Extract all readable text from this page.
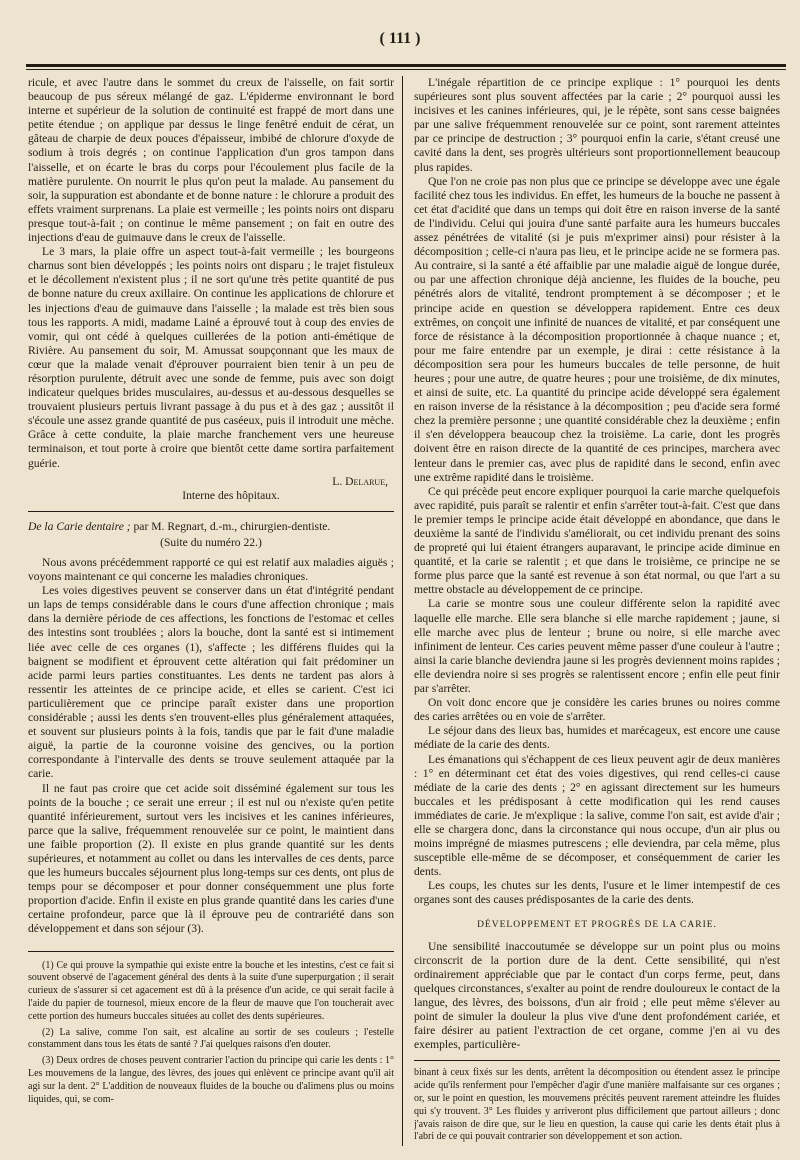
( 111 )

ricule, et avec l'autre dans le sommet du creux de l'aisselle, on fait sortir beaucoup de pus séreux mélangé de gaz. L'épiderme environnant le bord interne et supérieur de la solution de continuité est frappé de mort dans une petite étendue ; on applique par dessus le linge fenêtré enduit de cérat, un gâteau de charpie de deux pouces d'épaisseur, imbibé de chlorure d'oxyde de sodium à trois degrés ; on continue l'application d'un gros tampon dans l'aisselle, et on écarte le bras du corps pour l'écoulement plus facile de la matière purulente. On nourrit le plus qu'on peut la malade. Au pansement du soir, la suppuration est abondante et de bonne nature : le chlorure a produit des effets vraiment surprenans. La plaie est vermeille ; les points noirs ont disparu presque tout-à-fait ; on continue le même pansement ; on fait en outre des injections d'eau de guimauve dans le creux de l'aisselle.

Le 3 mars, la plaie offre un aspect tout-à-fait vermeille ; les bourgeons charnus sont bien développés ; les points noirs ont disparu ; le trajet fistuleux et le décollement n'existent plus ; il ne sort qu'une très petite quantité de pus de bonne nature du creux axillaire. On continue les applications de chlorure et les injections d'eau de guimauve dans l'aisselle ; la malade est très bien sous tous les rapports. A midi, madame Lainé a éprouvé tout à coup des envies de vomir, qui ont cédé à quelques cuillerées de la potion anti-émétique de Rivière. Au pansement du soir, M. Amussat soupçonnant que les maux de cœur que la malade venait d'éprouver pourraient bien tenir à un peu de résorption purulente, détruit avec une sonde de femme, puis avec son doigt indicateur quelques brides musculaires, au-dessus et au-dessous desquelles se trouvaient plusieurs pertuis livrant passage à du pus et à des gaz ; aussitôt il s'écoule une assez grande quantité de pus caséeux, puis il introduit une mèche. Grâce à cette conduite, la plaie marche franchement vers une heureuse terminaison, et tout porte à croire que bientôt cette dame sortira parfaitement guérie.

L. Delarue,
Interne des hôpitaux.

De la Carie dentaire ; par M. Regnart, d.-m., chirurgien-dentiste.

(Suite du numéro 22.)

Nous avons précédemment rapporté ce qui est relatif aux maladies aiguës ; voyons maintenant ce qui concerne les maladies chroniques.

Les voies digestives peuvent se conserver dans un état d'intégrité pendant un laps de temps considérable dans le cours d'une affection chronique ; mais dans la dernière période de ces affections, les fonctions de l'estomac et celles des intestins sont troublées ; alors la bouche, dont la santé est si intimement liée avec celle de ces organes (1), s'affecte ; les différens fluides qui la baignent se modifient et éprouvent cette altération qui fait prédominer un acide parmi leurs parties constituantes. Les dents ne tardent pas alors à ressentir les atteintes de ce principe acide, et elles se carient. C'est ici particulièrement que ce principe paraît exister dans une proportion considérable ; aussi les dents s'en trouvent-elles plus généralement attaquées, et souvent sur plusieurs points à la fois, tandis que par le fait d'une maladie aiguë, la partie de la couronne voisine des gencives, ou la portion correspondante à l'intervalle des dents se trouve seulement attaquée par la carie.

Il ne faut pas croire que cet acide soit disséminé également sur tous les points de la bouche ; ce serait une erreur ; il est nul ou n'existe qu'en petite quantité inférieurement, surtout vers les incisives et les canines inférieures, parce que la salive, fréquemment renouvelée sur ce point, le maintient dans une faible proportion (2). Il existe en plus grande quantité sur les dents supérieures, et notamment au collet ou dans les intervalles de ces dents, parce que les humeurs buccales séjournent plus long-temps sur ces dents, ont plus de temps pour se décomposer et pour donner conséquemment une plus forte proportion d'acide. Enfin il existe en plus grande quantité dans les caries d'une certaine profondeur, parce que là il éprouve peu de contrariété dans son développement et dans son séjour (3).

(1) Ce qui prouve la sympathie qui existe entre la bouche et les intestins, c'est ce fait si souvent observé de l'agacement général des dents à la suite d'une superpurgation ; il serait curieux de s'assurer si cet agacement est dû à la présence d'un acide, ce qui serait facile à l'aide du papier de tournesol, mieux encore de la fleur de mauve que l'on toucherait avec cette portion des humeurs buccales situées au collet des dents supérieures.

(2) La salive, comme l'on sait, est alcaline au sortir de ses couleurs ; l'estelle constamment dans tous les états de santé ? J'ai quelques raisons d'en douter.

(3) Deux ordres de choses peuvent contrarier l'action du principe qui carie les dents : 1° Les mouvemens de la langue, des lèvres, des joues qui enlèvent ce principe avant qu'il ait agi sur la dent. 2° L'addition de nouveaux fluides de la bouche ou d'alimens plus ou moins liquides, qui, se com-

L'inégale répartition de ce principe explique : 1° pourquoi les dents supérieures sont plus souvent affectées par la carie ; 2° pourquoi aussi les incisives et les canines inférieures, qui, je le répète, sont sans cesse baignées par une salive fréquemment renouvelée sur ce point, sont rarement atteintes par ce principe de destruction ; 3° pourquoi enfin la carie, s'étant creusé une cavité dans la dent, ses progrès ultérieurs sont proportionnellement beaucoup plus rapides.

Que l'on ne croie pas non plus que ce principe se développe avec une égale facilité chez tous les individus. En effet, les humeurs de la bouche ne passent à cet état d'acidité que dans un temps qui doit être en raison inverse de la santé de l'individu. Celui qui jouira d'une santé parfaite aura les humeurs buccales assez pénétrées de vitalité (si je puis m'exprimer ainsi) pour résister à la décomposition ; celle-ci n'aura pas lieu, et le principe acide ne se formera pas. Au contraire, si la santé a été affaiblie par une maladie aiguë de longue durée, ou par une affection chronique déjà ancienne, les fluides de la bouche, peu pénétrés alors de vitalité, tendront promptement à se décomposer ; et le principe acide en question se développera rapidement. Entre ces deux extrêmes, on conçoit une infinité de nuances de vitalité, et par conséquent une force de résistance à la décomposition proportionnée à chaque nuance ; et, pour me faire entendre par un exemple, je dirai : cette résistance à la décomposition sera pour les humeurs buccales de telle personne, de huit heures ; pour une autre, de quatre heures ; pour une troisième, de dix minutes, et ainsi de suite, etc. La quantité du principe acide développé sera également en raison inverse de la résistance à la décomposition ; peu d'acide sera formé chez la première personne ; une quantité considérable chez la deuxième ; enfin il s'en développera beaucoup chez la troisième. La carie, dont les progrès doivent être en raison directe de la quantité de ces principes, marchera avec lenteur dans le premier cas, avec plus de rapidité dans le second, enfin avec une extrême rapidité dans le troisième.

Ce qui précède peut encore expliquer pourquoi la carie marche quelquefois avec rapidité, puis paraît se ralentir et enfin s'arrêter tout-à-fait. C'est que dans le premier temps le principe acide était développé en abondance, que dans le deuxième la santé de l'individu s'améliorait, ou cet individu prenant des soins de propreté qui lui étaient étrangers auparavant, le principe acide diminue en quantité, et la carie se ralentit ; et que dans le troisième, ce principe ne se forme plus parce que la santé est revenue à son état normal, ou que l'art a su mettre obstacle au développement de ce principe.

La carie se montre sous une couleur différente selon la rapidité avec laquelle elle marche. Elle sera blanche si elle marche rapidement ; jaune, si elle marche avec plus de lenteur ; brune ou noire, si elle marche avec infiniment de lenteur. Ces caries peuvent même passer d'une couleur à l'autre ; ainsi la carie blanche deviendra jaune si les progrès deviennent moins rapides ; elle deviendra noire si ses progrès se ralentissent encore ; enfin elle peut finir par s'arrêter.

On voit donc encore que je considère les caries brunes ou noires comme des caries arrêtées ou en voie de s'arrêter.

Le séjour dans des lieux bas, humides et marécageux, est encore une cause médiate de la carie des dents.

Les émanations qui s'échappent de ces lieux peuvent agir de deux manières : 1° en déterminant cet état des voies digestives, qui rend celles-ci cause médiate de la carie des dents ; 2° en agissant directement sur les humeurs buccales et les prédisposant à cette modification qui les rend causes immédiates de carie. Je m'explique : la salive, comme l'on sait, est avide d'air ; elle se chargera donc, dans la circonstance qui nous occupe, d'un air plus ou moins imprégné de miasmes putrescens ; elle deviendra, par cela même, plus susceptible elle-même de se décomposer, et conséquemment de carier les dents.

Les coups, les chutes sur les dents, l'usure et le limer intempestif de ces organes sont des causes prédisposantes de la carie des dents.

DÉVELOPPEMENT ET PROGRÈS DE LA CARIE.

Une sensibilité inaccoutumée se développe sur un point plus ou moins circonscrit de la portion dure de la dent. Cette sensibilité, qui n'est ordinairement appréciable que par le contact d'un corps ferme, peut, dans quelques circonstances, s'exalter au point de rendre douloureux le contact de la langue, des lèvres, des boissons, d'un air froid ; elle peut même s'élever au point de simuler la douleur la plus vive d'une dent profondément cariée, et faire désirer au patient l'extraction de cet organe, comme j'en ai vu des exemples, particulière-

binant à ceux fixés sur les dents, arrêtent la décomposition ou étendent assez le principe acide qu'ils renferment pour l'empêcher d'agir d'une manière malfaisante sur ces organes ; or, sur le point en question, les mouvemens précités peuvent rarement atteindre les fluides qui s'y trouvent. 3° Les fluides y arriveront plus difficilement que partout ailleurs ; donc j'avais raison de dire que, sur le lieu en question, la cause qui carie les dents était plus à l'abri de ce qui pouvait contrarier son développement et son action.
